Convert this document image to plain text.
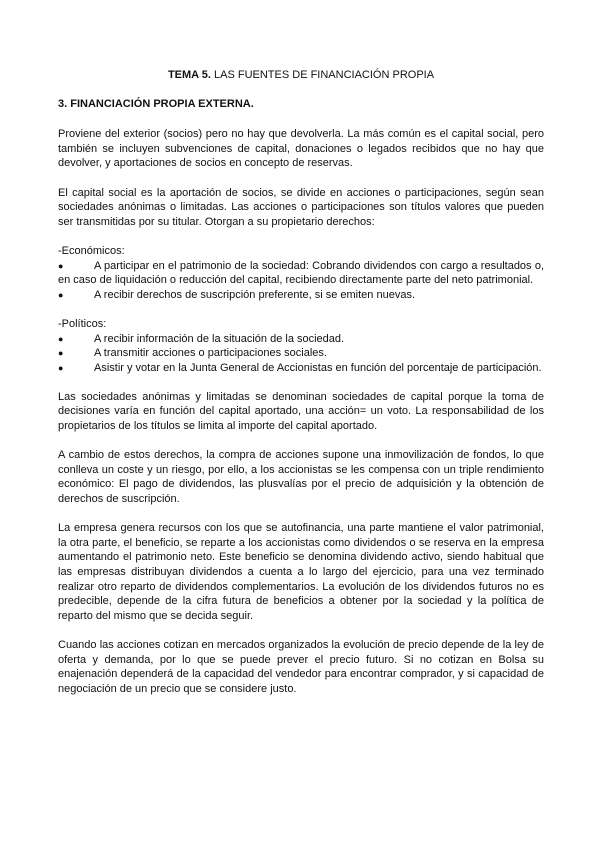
TEMA 5. LAS FUENTES DE FINANCIACIÓN PROPIA
3. FINANCIACIÓN PROPIA EXTERNA.

Proviene del exterior (socios) pero no hay que devolverla. La más común es el capital social, pero también se incluyen subvenciones de capital, donaciones o legados recibidos que no hay que devolver, y aportaciones de socios en concepto de reservas.

El capital social es la aportación de socios, se divide en acciones o participaciones, según sean sociedades anónimas o limitadas. Las acciones o participaciones son títulos valores que pueden ser transmitidas por su titular. Otorgan a su propietario derechos:

-Económicos:
● A participar en el patrimonio de la sociedad: Cobrando dividendos con cargo a resultados o, en caso de liquidación o reducción del capital, recibiendo directamente parte del neto patrimonial.
● A recibir derechos de suscripción preferente, si se emiten nuevas.
-Políticos:
● A recibir información de la situación de la sociedad.
● A transmitir acciones o participaciones sociales.
● Asistir y votar en la Junta General de Accionistas en función del porcentaje de participación.

Las sociedades anónimas y limitadas se denominan sociedades de capital porque la toma de decisiones varía en función del capital aportado, una acción= un voto. La responsabilidad de los propietarios de los títulos se limita al importe del capital aportado.

A cambio de estos derechos, la compra de acciones supone una inmovilización de fondos, lo que conlleva un coste y un riesgo, por ello, a los accionistas se les compensa con un triple rendimiento económico: El pago de dividendos, las plusvalías por el precio de adquisición y la obtención de derechos de suscripción.

La empresa genera recursos con los que se autofinancia, una parte mantiene el valor patrimonial, la otra parte, el beneficio, se reparte a los accionistas como dividendos o se reserva en la empresa aumentando el patrimonio neto. Este beneficio se denomina dividendo activo, siendo habitual que las empresas distribuyan dividendos a cuenta a lo largo del ejercicio, para una vez terminado realizar otro reparto de dividendos complementarios. La evolución de los dividendos futuros no es predecible, depende de la cifra futura de beneficios a obtener por la sociedad y la política de reparto del mismo que se decida seguir.

Cuando las acciones cotizan en mercados organizados la evolución de precio depende de la ley de oferta y demanda, por lo que se puede prever el precio futuro. Si no cotizan en Bolsa su enajenación dependerá de la capacidad del vendedor para encontrar comprador, y si capacidad de negociación de un precio que se considere justo.
